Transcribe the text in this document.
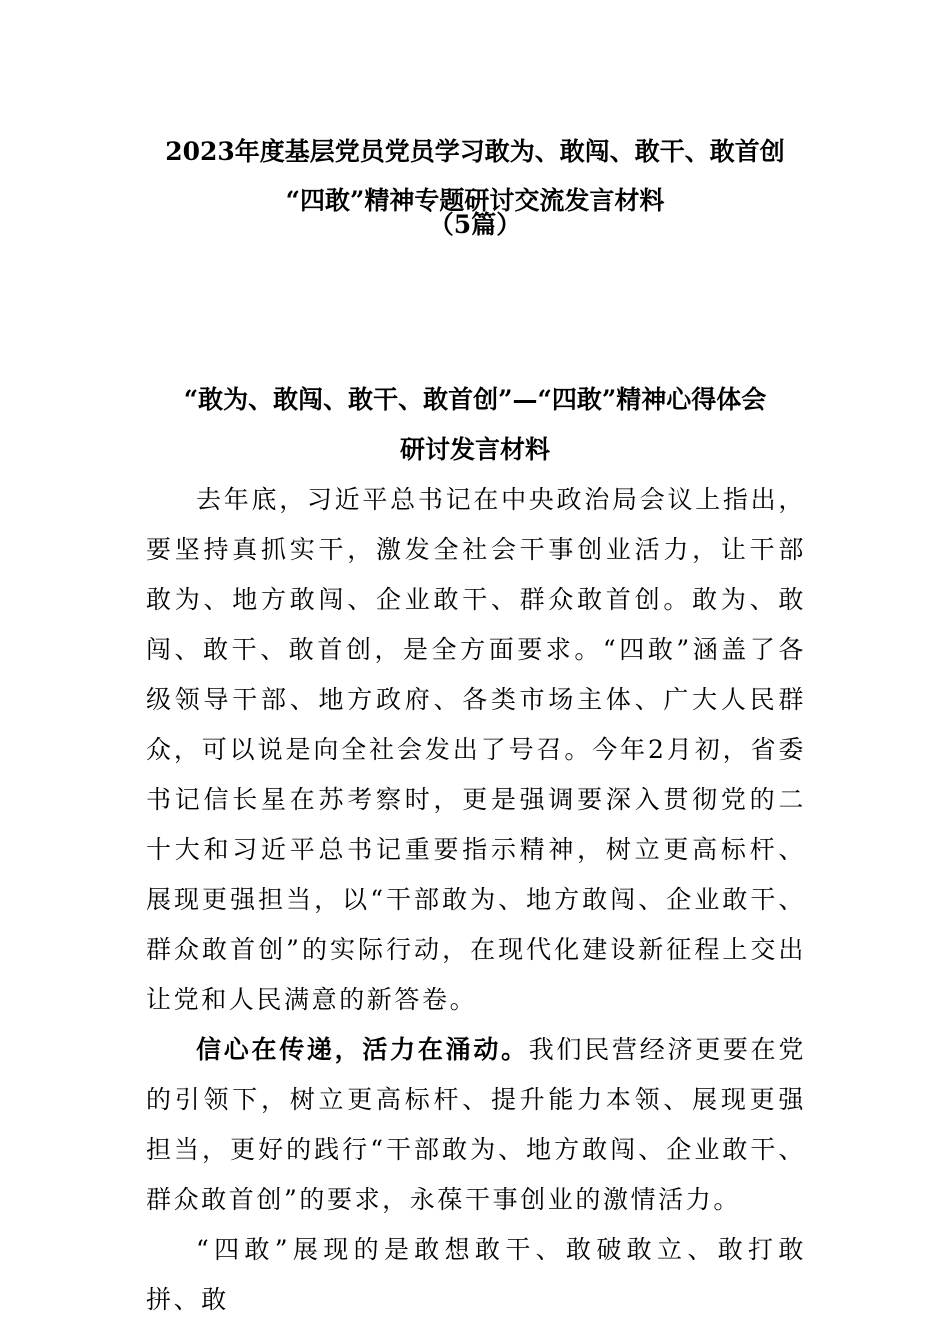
2023年度基层党员党员学习敢为、敢闯、敢干、敢首创
“四敢”精神专题研讨交流发言材料
（5篇）
“敢为、敢闯、敢干、敢首创”—“四敢”精神心得体会
研讨发言材料

去年底，习近平总书记在中央政治局会议上指出，要坚持真抓实干，激发全社会干事创业活力，让干部敢为、地方敢闯、企业敢干、群众敢首创。敢为、敢闯、敢干、敢首创，是全方面要求。“四敢”涵盖了各级领导干部、地方政府、各类市场主体、广大人民群众，可以说是向全社会发出了号召。今年2月初，省委书记信长星在苏考察时，更是强调要深入贯彻党的二十大和习近平总书记重要指示精神，树立更高标杆、展现更强担当，以“干部敢为、地方敢闯、企业敢干、群众敢首创”的实际行动，在现代化建设新征程上交出让党和人民满意的新答卷。

信心在传递，活力在涌动。我们民营经济更要在党的引领下，树立更高标杆、提升能力本领、展现更强担当，更好的践行“干部敢为、地方敢闯、企业敢干、群众敢首创”的要求，永葆干事创业的激情活力。

“四敢”展现的是敢想敢干、敢破敢立、敢打敢拼、敢
